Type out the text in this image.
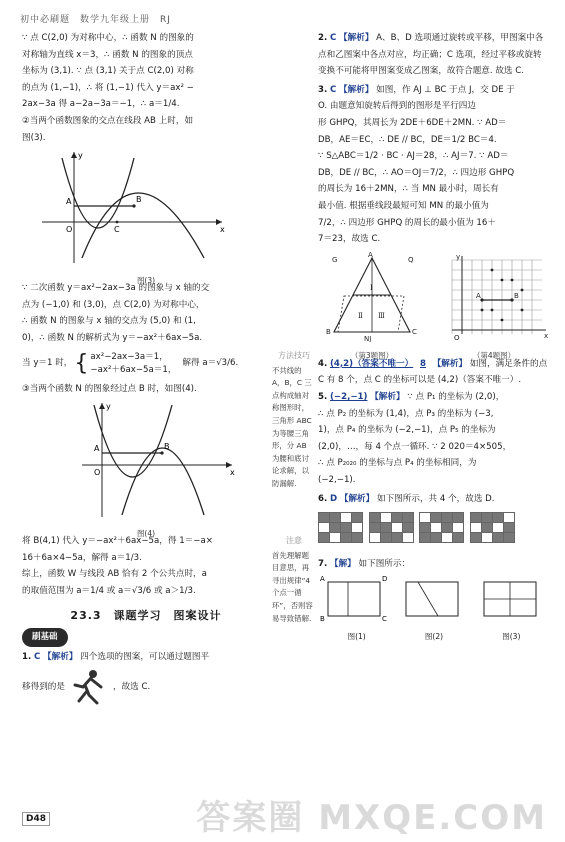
初中必刷题　数学九年级上册　RJ

∵ 点 C(2,0) 为对称中心，∴ 函数 N 的图象的

对称轴为直线 x＝3，∴ 函数 N 的图象的顶点

坐标为 (3,1). ∵ 点 (3,1) 关于点 C(2,0) 对称

的点为 (1,−1)，∴ 将 (1,−1) 代入 y＝ax² −

2ax−3a 得 a−2a−3a＝−1，∴ a＝1/4.

②当两个函数图象的交点在线段 AB 上时，如

图(3).

y
x
O
A	B
C
图(3)

∵ 二次函数 y＝ax²−2ax−3a 的图象与 x 轴的交

点为 (−1,0) 和 (3,0)，点 C(2,0) 为对称中心，

∴ 函数 N 的图象与 x 轴的交点为 (5,0) 和 (1,

0)，∴ 函数 N 的解析式为 y＝−ax²＋6ax−5a.

当 y＝1 时， { ax²−2ax−3a＝1，
−ax²＋6ax−5a＝1，
解得 a＝√3/6.

③当两个函数 N 的图象经过点 B 时，如图(4).

y
x
O
A	B
图(4)

将 B(4,1) 代入 y＝−ax²＋6ax−5a，得 1＝−a×

16＋6a×4−5a，解得 a＝1/3.

综上，函数 W 与线段 AB 恰有 2 个公共点时，a

的取值范围为 a＝1/4 或 a＝√3/6 或 a＞1/3.

23.3　课题学习　图案设计
刷基础

1. C 【解析】 四个选项的图案，可以通过题图平

移得到的是	，故选 C.
方法技巧
不共线的 A，B，C 三点构成轴对称图形时，三角形 ABC 为等腰三角形，分 AB 为腰和底讨论求解，以防漏解.
注意
首先理解题目意思，再寻出规律“4 个点一循环”，否则容易导致错解.

2. C 【解析】 A、B、D 选项通过旋转或平移，甲图案中各点和乙图案中各点对应，均正确；C 选项，经过平移或旋转变换不可能将甲图案变成乙图案，故符合题意. 故选 C.

3. C 【解析】 如图，作 AJ ⊥ BC 于点 J，交 DE 于

O. 由题意知旋转后得到的图形是平行四边

形 GHPQ，其周长为 2DE＋6DE＋2MN. ∵ AD＝

DB，AE＝EC，∴ DE // BC，DE＝1/2 BC＝4.

∵ S△ABC＝1/2 · BC · AJ＝28，∴ AJ＝7. ∵ AD＝

DB，DE // BC，∴ AO＝OJ＝7/2，∴ 四边形 GHPQ

的周长为 16＋2MN，∴ 当 MN 最小时，周长有

最小值. 根据垂线段最短可知 MN 的最小值为

7/2，∴ 四边形 GHPQ 的周长的最小值为 16＋

7＝23，故选 C.

G
A
Q
B	C
NJ
Ⅱ Ⅲ
Ⅰ
（第3题图）
O	x
y
A	B
（第4题图）

4. (4,2)（答案不唯一） 8 【解析】 如图，满足条件的点 C 有 8 个，点 C 的坐标可以是 (4,2)（答案不唯一）.

5. (−2,−1) 【解析】 ∵ 点 P₁ 的坐标为 (2,0)，

∴ 点 P₂ 的坐标为 (1,4)，点 P₃ 的坐标为 (−3,

1)，点 P₄ 的坐标为 (−2,−1)，点 P₅ 的坐标为

(2,0)，…，每 4 个点一循环. ∵ 2 020＝4×505，

∴ 点 P₂₀₂₀ 的坐标与点 P₄ 的坐标相同，为

(−2,−1).

6. D 【解析】 如下图所示，共 4 个，故选 D.

7. 【解】 如下图所示：

A	D
B	C
图(1)	图(2)	图(3)
D48	答案圈 MXQE.COM
